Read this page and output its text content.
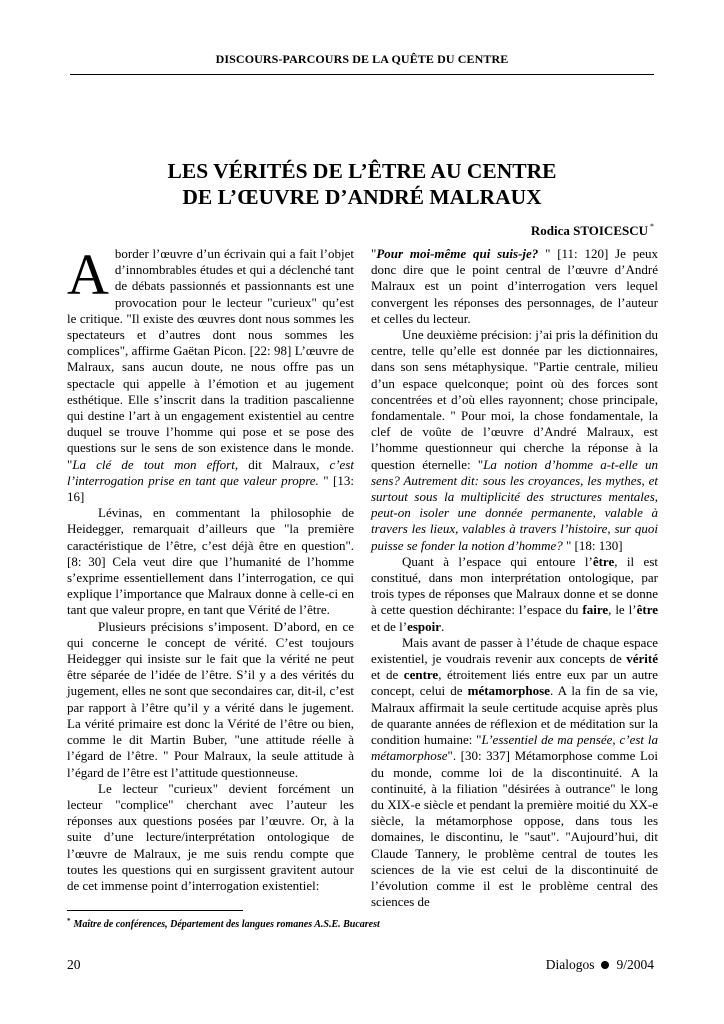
DISCOURS-PARCOURS DE LA QUÊTE DU CENTRE
LES VÉRITÉS DE L’ÊTRE AU CENTRE
DE L’ŒUVRE D’ANDRÉ MALRAUX
Rodica STOICESCU *

Aborder l’œuvre d’un écrivain qui a fait l’objet d’innombrables études et qui a déclenché tant de débats passionnés et passionnants est une provocation pour le lecteur "curieux" qu’est le critique. "Il existe des œuvres dont nous sommes les spectateurs et d’autres dont nous sommes les complices", affirme Gaëtan Picon. [22: 98] L’œuvre de Malraux, sans aucun doute, ne nous offre pas un spectacle qui appelle à l’émotion et au jugement esthétique. Elle s’inscrit dans la tradition pascalienne qui destine l’art à un engagement existentiel au centre duquel se trouve l’homme qui pose et se pose des questions sur le sens de son existence dans le monde. "La clé de tout mon effort, dit Malraux, c’est l’interrogation prise en tant que valeur propre. " [13: 16]

Lévinas, en commentant la philosophie de Heidegger, remarquait d’ailleurs que "la première caractéristique de l’être, c’est déjà être en question". [8: 30] Cela veut dire que l’humanité de l’homme s’exprime essentiellement dans l’interrogation, ce qui explique l’importance que Malraux donne à celle-ci en tant que valeur propre, en tant que Vérité de l’être.

Plusieurs précisions s’imposent. D’abord, en ce qui concerne le concept de vérité. C’est toujours Heidegger qui insiste sur le fait que la vérité ne peut être séparée de l’idée de l’être. S’il y a des vérités du jugement, elles ne sont que secondaires car, dit-il, c’est par rapport à l’être qu’il y a vérité dans le jugement. La vérité primaire est donc la Vérité de l’être ou bien, comme le dit Martin Buber, "une attitude réelle à l’égard de l’être. " Pour Malraux, la seule attitude à l’égard de l’être est l’attitude questionneuse.

Le lecteur "curieux" devient forcément un lecteur "complice" cherchant avec l’auteur les réponses aux questions posées par l’œuvre. Or, à la suite d’une lecture/interprétation ontologique de l’œuvre de Malraux, je me suis rendu compte que toutes les questions qui en surgissent gravitent autour de cet immense point d’interrogation existentiel:

"Pour moi-même qui suis-je? " [11: 120] Je peux donc dire que le point central de l’œuvre d’André Malraux est un point d’interrogation vers lequel convergent les réponses des personnages, de l’auteur et celles du lecteur.

Une deuxième précision: j’ai pris la définition du centre, telle qu’elle est donnée par les dictionnaires, dans son sens métaphysique. "Partie centrale, milieu d’un espace quelconque; point où des forces sont concentrées et d’où elles rayonnent; chose principale, fondamentale. " Pour moi, la chose fondamentale, la clef de voûte de l’œuvre d’André Malraux, est l’homme questionneur qui cherche la réponse à la question éternelle: "La notion d’homme a-t-elle un sens? Autrement dit: sous les croyances, les mythes, et surtout sous la multiplicité des structures mentales, peut-on isoler une donnée permanente, valable à travers les lieux, valables à travers l’histoire, sur quoi puisse se fonder la notion d’homme? " [18: 130]

Quant à l’espace qui entoure l’être, il est constitué, dans mon interprétation ontologique, par trois types de réponses que Malraux donne et se donne à cette question déchirante: l’espace du faire, le l’être et de l’espoir.

Mais avant de passer à l’étude de chaque espace existentiel, je voudrais revenir aux concepts de vérité et de centre, étroitement liés entre eux par un autre concept, celui de métamorphose. A la fin de sa vie, Malraux affirmait la seule certitude acquise après plus de quarante années de réflexion et de méditation sur la condition humaine: "L’essentiel de ma pensée, c’est la métamorphose". [30: 337] Métamorphose comme Loi du monde, comme loi de la discontinuité. A la continuité, à la filiation "désirées à outrance" le long du XIX-e siècle et pendant la première moitié du XX-e siècle, la métamorphose oppose, dans tous les domaines, le discontinu, le "saut". "Aujourd’hui, dit Claude Tannery, le problème central de toutes les sciences de la vie est celui de la discontinuité de l’évolution comme il est le problème central des sciences de

* Maître de conférences, Département des langues romanes A.S.E. Bucarest
20	Dialogos 9/2004
